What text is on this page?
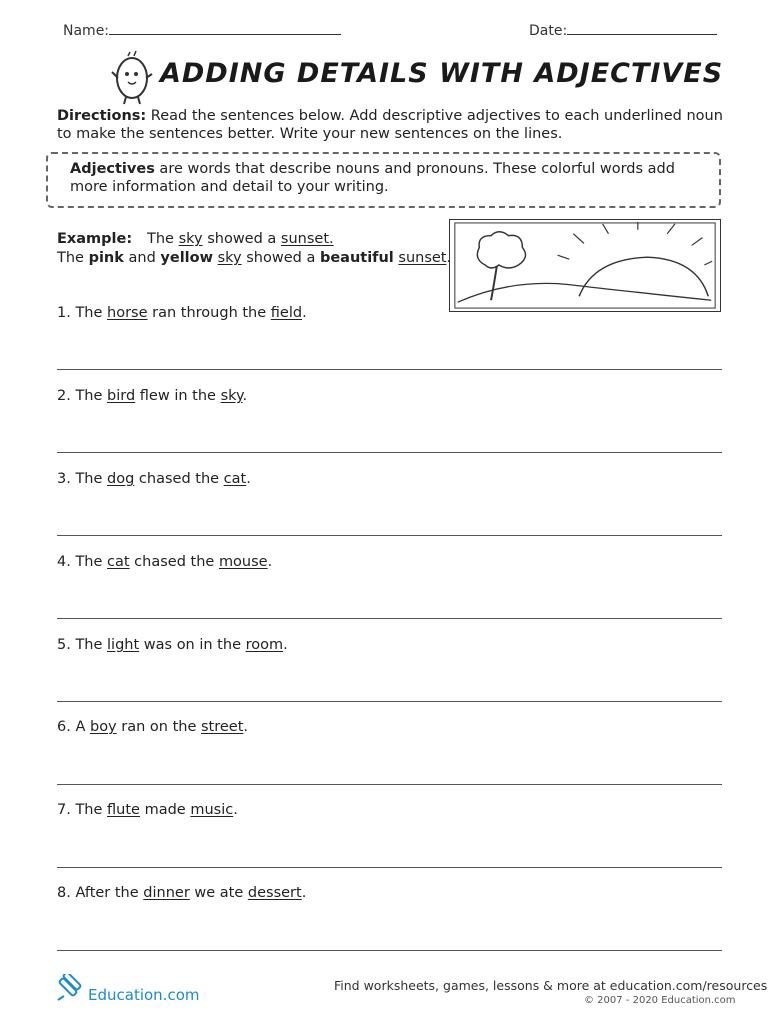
Name:	Date:
ADDING DETAILS WITH ADJECTIVES
Directions: Read the sentences below. Add descriptive adjectives to each underlined noun to make the sentences better. Write your new sentences on the lines.
Adjectives are words that describe nouns and pronouns. These colorful words add more information and detail to your writing.
Example: The sky showed a sunset.
The pink and yellow sky showed a beautiful sunset.
1. The horse ran through the field.
2. The bird flew in the sky.
3. The dog chased the cat.
4. The cat chased the mouse.
5. The light was on in the room.
6. A boy ran on the street.
7. The flute made music.
8. After the dinner we ate dessert.
Education.com
Find worksheets, games, lessons & more at education.com/resources
© 2007 - 2020 Education.com
